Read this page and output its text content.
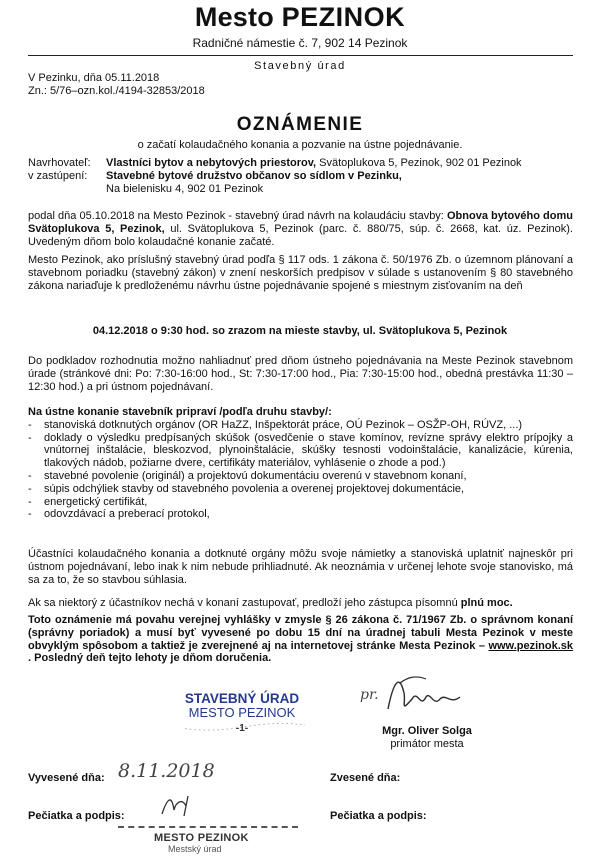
Mesto PEZINOK
Radničné námestie č. 7, 902 14 Pezinok
Stavebný úrad
V Pezinku, dňa 05.11.2018
Zn.: 5/76–ozn.kol./4194-32853/2018
OZNÁMENIE
o začatí kolaudačného konania a pozvanie na ústne pojednávanie.
Navrhovateľ:	Vlastníci bytov a nebytových priestorov, Svätoplukova 5, Pezinok, 902 01 Pezinok
v zastúpení:	Stavebné bytové družstvo občanov so sídlom v Pezinku,
Na bielenisku 4, 902 01 Pezinok
podal dňa 05.10.2018 na Mesto Pezinok - stavebný úrad návrh na kolaudáciu stavby: Obnova bytového domu Svätoplukova 5, Pezinok, ul. Svätoplukova 5, Pezinok (parc. č. 880/75, súp. č. 2668, kat. úz. Pezinok). Uvedeným dňom bolo kolaudačné konanie začaté.
Mesto Pezinok, ako príslušný stavebný úrad podľa § 117 ods. 1 zákona č. 50/1976 Zb. o územnom plánovaní a stavebnom poriadku (stavebný zákon) v znení neskorších predpisov v súlade s ustanovením § 80 stavebného zákona nariaďuje k predloženému návrhu ústne pojednávanie spojené s miestnym zisťovaním na deň
04.12.2018 o 9:30 hod. so zrazom na mieste stavby, ul. Svätoplukova 5, Pezinok
Do podkladov rozhodnutia možno nahliadnuť pred dňom ústneho pojednávania na Meste Pezinok stavebnom úrade (stránkové dni: Po: 7:30-16:00 hod., St: 7:30-17:00 hod., Pia: 7:30-15:00 hod., obedná prestávka 11:30 – 12:30 hod.) a pri ústnom pojednávaní.
Na ústne konanie stavebník pripraví /podľa druhu stavby/:
- stanoviská dotknutých orgánov (OR HaZZ, Inšpektorát práce, OÚ Pezinok – OSŽP-OH, RÚVZ, ...)
- doklady o výsledku predpísaných skúšok (osvedčenie o stave komínov, revízne správy elektro prípojky a vnútornej inštalácie, bleskozvod, plynoinštalácie, skúšky tesnosti vodoinštalácie, kanalizácie, kúrenia, tlakových nádob, požiarne dvere, certifikáty materiálov, vyhlásenie o zhode a pod.)
- stavebné povolenie (originál) a projektovú dokumentáciu overenú v stavebnom konaní,
- súpis odchýliek stavby od stavebného povolenia a overenej projektovej dokumentácie,
- energetický certifikát,
- odovzdávací a preberací protokol,
Účastníci kolaudačného konania a dotknuté orgány môžu svoje námietky a stanoviská uplatniť najneskôr pri ústnom pojednávaní, lebo inak k nim nebude prihliadnuté. Ak neoznámia v určenej lehote svoje stanovisko, má sa za to, že so stavbou súhlasia.
Ak sa niektorý z účastníkov nechá v konaní zastupovať, predloží jeho zástupca písomnú plnú moc.
Toto oznámenie má povahu verejnej vyhlášky v zmysle § 26 zákona č. 71/1967 Zb. o správnom konaní (správny poriadok) a musí byť vyvesené po dobu 15 dní na úradnej tabuli Mesta Pezinok v meste obvyklým spôsobom a taktiež je zverejnené aj na internetovej stránke Mesta Pezinok – www.pezinok.sk . Posledný deň tejto lehoty je dňom doručenia.
STAVEBNÝ ÚRAD
MESTO PEZINOK
-1-
pr.
Mgr. Oliver Solga
primátor mesta
Vyvesené dňa: 8.11.2018	Zvesené dňa:
Pečiatka a podpis:	Pečiatka a podpis:
MESTO PEZINOK
Mestský úrad
